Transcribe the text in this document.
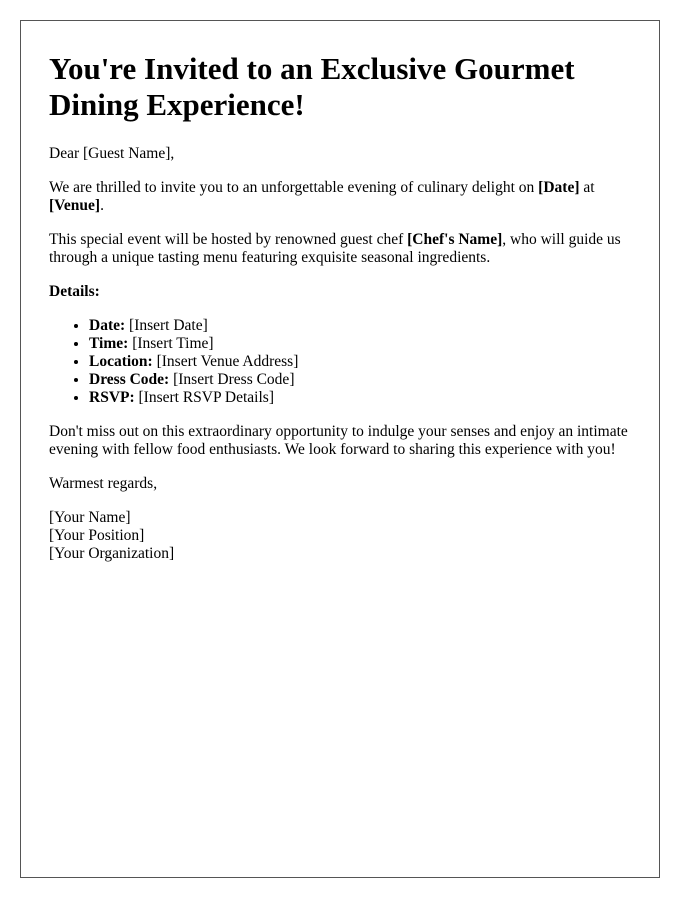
You're Invited to an Exclusive Gourmet Dining Experience!

Dear [Guest Name],

We are thrilled to invite you to an unforgettable evening of culinary delight on [Date] at [Venue].

This special event will be hosted by renowned guest chef [Chef's Name], who will guide us through a unique tasting menu featuring exquisite seasonal ingredients.

Details:

• Date: [Insert Date]
• Time: [Insert Time]
• Location: [Insert Venue Address]
• Dress Code: [Insert Dress Code]
• RSVP: [Insert RSVP Details]

Don't miss out on this extraordinary opportunity to indulge your senses and enjoy an intimate evening with fellow food enthusiasts. We look forward to sharing this experience with you!

Warmest regards,

[Your Name]
[Your Position]
[Your Organization]
